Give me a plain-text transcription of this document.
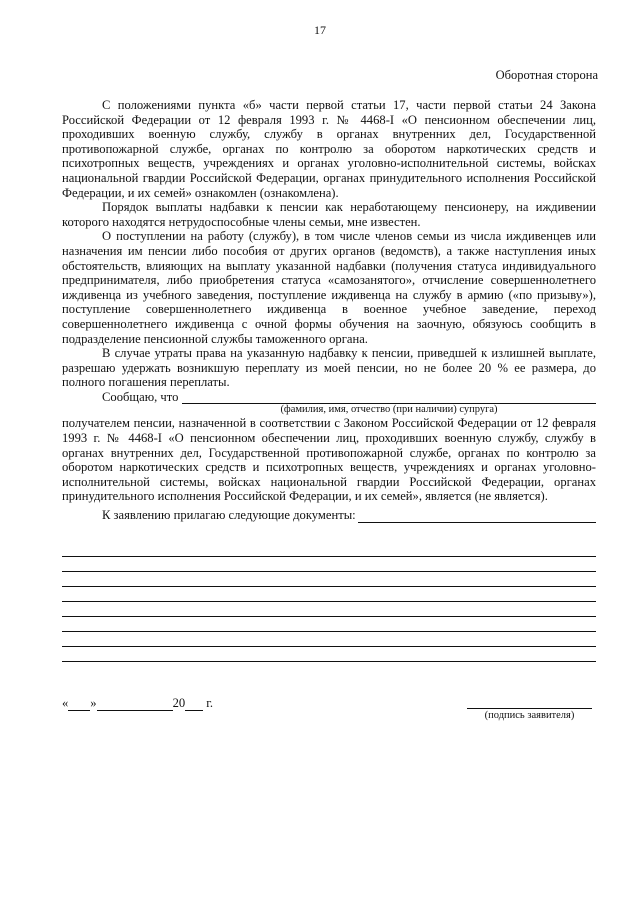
17
Оборотная сторона

С положениями пункта «б» части первой статьи 17, части первой статьи 24 Закона Российской Федерации от 12 февраля 1993 г. № 4468-I «О пенсионном обеспечении лиц, проходивших военную службу, службу в органах внутренних дел, Государственной противопожарной службе, органах по контролю за оборотом наркотических средств и психотропных веществ, учреждениях и органах уголовно-исполнительной системы, войсках национальной гвардии Российской Федерации, органах принудительного исполнения Российской Федерации, и их семей» ознакомлен (ознакомлена).

Порядок выплаты надбавки к пенсии как неработающему пенсионеру, на иждивении которого находятся нетрудоспособные члены семьи, мне известен.

О поступлении на работу (службу), в том числе членов семьи из числа иждивенцев или назначения им пенсии либо пособия от других органов (ведомств), а также наступления иных обстоятельств, влияющих на выплату указанной надбавки (получения статуса индивидуального предпринимателя, либо приобретения статуса «самозанятого», отчисление совершеннолетнего иждивенца из учебного заведения, поступление иждивенца на службу в армию («по призыву»), поступление совершеннолетнего иждивенца в военное учебное заведение, переход совершеннолетнего иждивенца с очной формы обучения на заочную, обязуюсь сообщить в подразделение пенсионной службы таможенного органа.

В случае утраты права на указанную надбавку к пенсии, приведшей к излишней выплате, разрешаю удержать возникшую переплату из моей пенсии, но не более 20 % ее размера, до полного погашения переплаты.

Сообщаю, что
(фамилия, имя, отчество (при наличии) супруга)

получателем пенсии, назначенной в соответствии с Законом Российской Федерации от 12 февраля 1993 г. № 4468-I «О пенсионном обеспечении лиц, проходивших военную службу, службу в органах внутренних дел, Государственной противопожарной службе, органах по контролю за оборотом наркотических средств и психотропных веществ, учреждениях и органах уголовно-исполнительной системы, войсках национальной гвардии Российской Федерации, органах принудительного исполнения Российской Федерации, и их семей», является (не является).

К заявлению прилагаю следующие документы:
« »	20 г.
(подпись заявителя)
